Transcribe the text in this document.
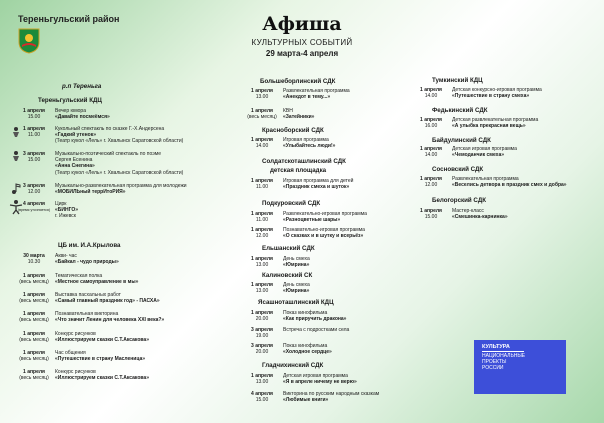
Тереньгульский район	Афиша
КУЛЬТУРНЫХ СОБЫТИЙ
29 марта-4 апреля
р.п Тереньга
Тереньгульский КДЦ
1 апреля
15.00
Вечер юмора
«Давайте посмеёмся»
1 апреля
11.00
Кукольный спектакль по сказке Г.-Х.Андерсена
«Гадкий утенок»
(Театр кукол «Лель» г. Хвалынск Саратовской области)
3 апреля
15.00
Музыкально-поэтический спектакль по поэме
Сергея Есенина
«Анна Снегина»
(Театр кукол «Лель» г. Хвалынск Саратовской области)
3 апреля
12.00
Музыкально-развлекательная программа для молодежи
«МОБИЛЬный террИтоРИЯ»
4 апреля
(время уточняется)
Цирк
«БИНГО»
г. Ижевск
ЦБ им. И.А.Крылова
30 марта
10.30
Акви- час
«Байкал - чудо природы»
1 апреля
(весь месяц)
Тематическая полка
«Местное самоуправление в мы»
1 апреля
(весь месяц)
Выставка пасхальных работ
«Самый главный праздник год» - ПАСХА»
1 апреля
(весь месяц)
Познавательная викторина
«Что значит Ленин для человека XXI века?»
1 апреля
(весь месяц)
Конкурс рисунков
«Иллюстрируем сказки С.Т.Аксакова»
1 апреля
(весь месяц)
Час общения
«Путешествие в страну Масленица»
1 апреля
(весь месяц)
Конкурс рисунков
«Иллюстрируем сказки С.Т.Аксакова»
Большеборлинский СДК
1 апреля
13.00
Развлекательная программа
«Анекдот в тему...»
1 апреля
(весь месяц)
КВН
«Затейники»
Красноборский СДК
1 апреля
14.00
Игровая программа
«Улыбайтесь люди!»
Солдатскоташлинский СДК
детская площадка
1 апреля
11.00
Игровая программа для детей
«Праздник смеха и шуток»
Подкуровский СДК
1 апреля
11.00
Развлекательно-игровая программа
«Разноцветные шары»
1 апреля
12.00
Познавательно-игровая программа
«О сказках и в шутку и всерьёз»
Ельшанский СДК
1 апреля
13.00
День смеха
«Юмрина»
Калиновский СК
1 апреля
13.00
День смеха
«Юмрина»
Ясашноташлинский КДЦ
1 апреля
20.00
Показ кинофильма
«Как приручить дракона»
3 апреля
19.00
Встреча с подростками села

3 апреля
20.00
Показ кинофильма
«Холодное сердце»
Гладчихинский СДК
1 апреля
13.00
Детская игровая программа
«Я в апреле ничему не верю»
4 апреля
15.00
Викторина по русским народным сказкам
«Любимые книги»
Тумкинский КДЦ
1 апреля
14.00
Детская конкурсно-игровая программа
«Путешествие в страну смеха»
Федькинский СДК
1 апреля
16.00
Детская развлекательная программа
«А улыбка прекрасная вещь»
Байдулинский СДК
1 апреля
14.00
Детская игровая программа
«Чемоданчик смеха»
Сосновский СДК
1 апреля
12.00
Развлекательная программа
«Веселись детвора в праздник смех и добра»
Белогорский СДК
1 апреля
15.00
Мастер-класс
«Смешинка-карнинка»
КУЛЬТУРА
НАЦИОНАЛЬНЫЕ
ПРОЕКТЫ
РОССИИ
